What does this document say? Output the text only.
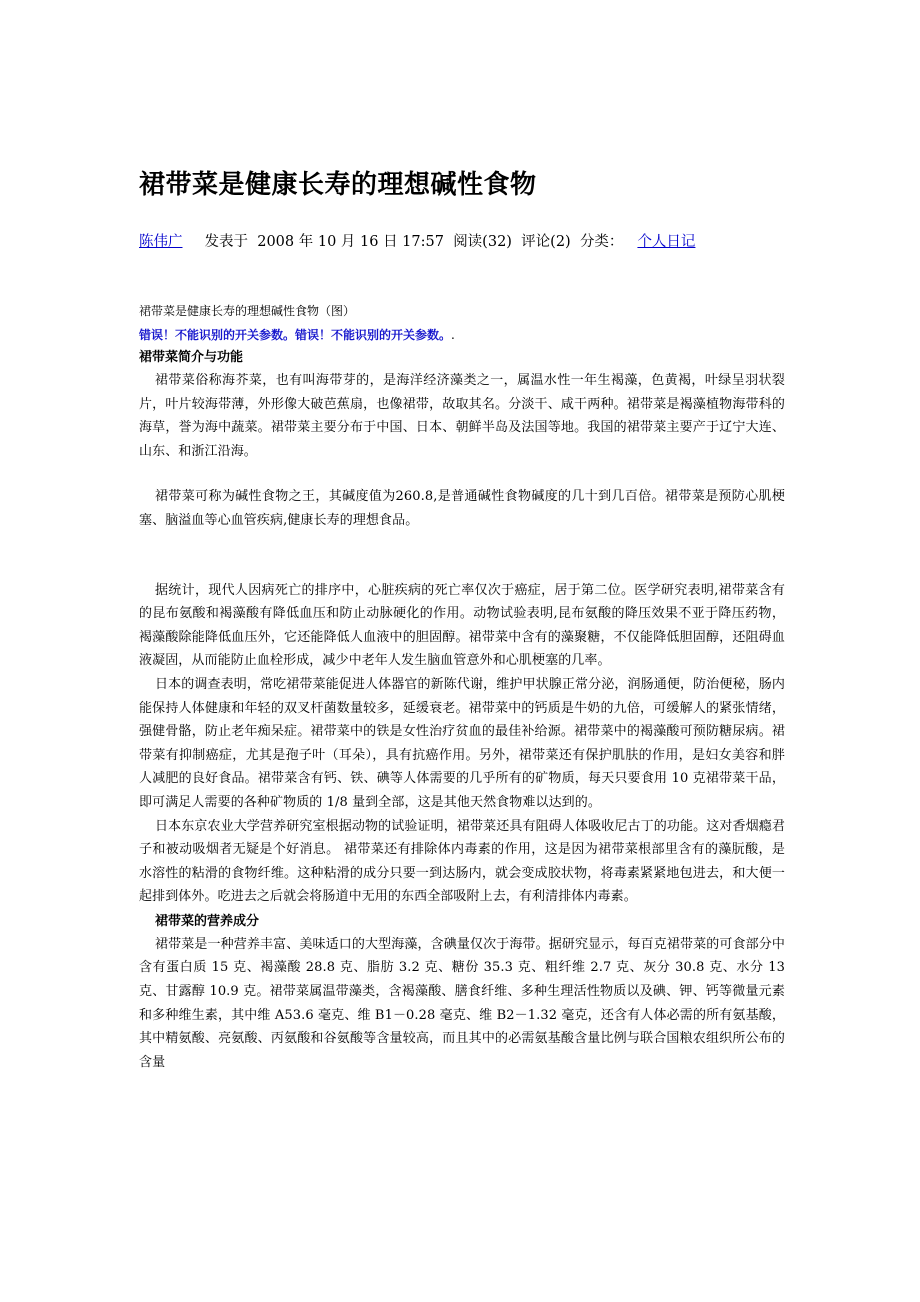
裙带菜是健康长寿的理想碱性食物
陈伟广 发表于 2008 年 10 月 16 日 17:57 阅读(32) 评论(2) 分类： 个人日记

裙带菜是健康长寿的理想碱性食物（图）

错误！不能识别的开关参数。错误！不能识别的开关参数。.

裙带菜简介与功能

裙带菜俗称海芥菜，也有叫海带芽的，是海洋经济藻类之一，属温水性一年生褐藻，色黄褐，叶绿呈羽状裂片，叶片较海带薄，外形像大破芭蕉扇，也像裙带，故取其名。分淡干、咸干两种。裙带菜是褐藻植物海带科的海草，誉为海中蔬菜。裙带菜主要分布于中国、日本、朝鲜半岛及法国等地。我国的裙带菜主要产于辽宁大连、山东、和浙江沿海。

裙带菜可称为碱性食物之王，其碱度值为260.8,是普通碱性食物碱度的几十到几百倍。裙带菜是预防心肌梗塞、脑溢血等心血管疾病,健康长寿的理想食品。

据统计，现代人因病死亡的排序中，心脏疾病的死亡率仅次于癌症，居于第二位。医学研究表明,裙带菜含有的昆布氨酸和褐藻酸有降低血压和防止动脉硬化的作用。动物试验表明,昆布氨酸的降压效果不亚于降压药物，褐藻酸除能降低血压外，它还能降低人血液中的胆固醇。裙带菜中含有的藻聚糖，不仅能降低胆固醇，还阻碍血液凝固，从而能防止血栓形成，减少中老年人发生脑血管意外和心肌梗塞的几率。

日本的调查表明，常吃裙带菜能促进人体器官的新陈代谢，维护甲状腺正常分泌，润肠通便，防治便秘，肠内能保持人体健康和年轻的双叉杆菌数量较多，延缓衰老。裙带菜中的钙质是牛奶的九倍，可缓解人的紧张情绪，强健骨骼，防止老年痴呆症。裙带菜中的铁是女性治疗贫血的最佳补给源。裙带菜中的褐藻酸可预防糖尿病。裙带菜有抑制癌症，尤其是孢子叶（耳朵），具有抗癌作用。另外，裙带菜还有保护肌肤的作用，是妇女美容和胖人减肥的良好食品。裙带菜含有钙、铁、碘等人体需要的几乎所有的矿物质，每天只要食用 10 克裙带菜干品，即可满足人需要的各种矿物质的 1/8 量到全部，这是其他天然食物难以达到的。

日本东京农业大学营养研究室根据动物的试验证明，裙带菜还具有阻碍人体吸收尼古丁的功能。这对香烟瘾君子和被动吸烟者无疑是个好消息。 裙带菜还有排除体内毒素的作用，这是因为裙带菜根部里含有的藻朊酸，是水溶性的粘滑的食物纤维。这种粘滑的成分只要一到达肠内，就会变成胶状物，将毒素紧紧地包进去，和大便一起排到体外。吃进去之后就会将肠道中无用的东西全部吸附上去，有利清排体内毒素。

裙带菜的营养成分

裙带菜是一种营养丰富、美味适口的大型海藻，含碘量仅次于海带。据研究显示，每百克裙带菜的可食部分中含有蛋白质 15 克、褐藻酸 28.8 克、脂肪 3.2 克、糖份 35.3 克、粗纤维 2.7 克、灰分 30.8 克、水分 13 克、甘露醇 10.9 克。裙带菜属温带藻类，含褐藻酸、膳食纤维、多种生理活性物质以及碘、钾、钙等微量元素和多种维生素，其中维 A53.6 毫克、维 B1－0.28 毫克、维 B2－1.32 毫克，还含有人体必需的所有氨基酸，其中精氨酸、亮氨酸、丙氨酸和谷氨酸等含量较高，而且其中的必需氨基酸含量比例与联合国粮农组织所公布的含量
